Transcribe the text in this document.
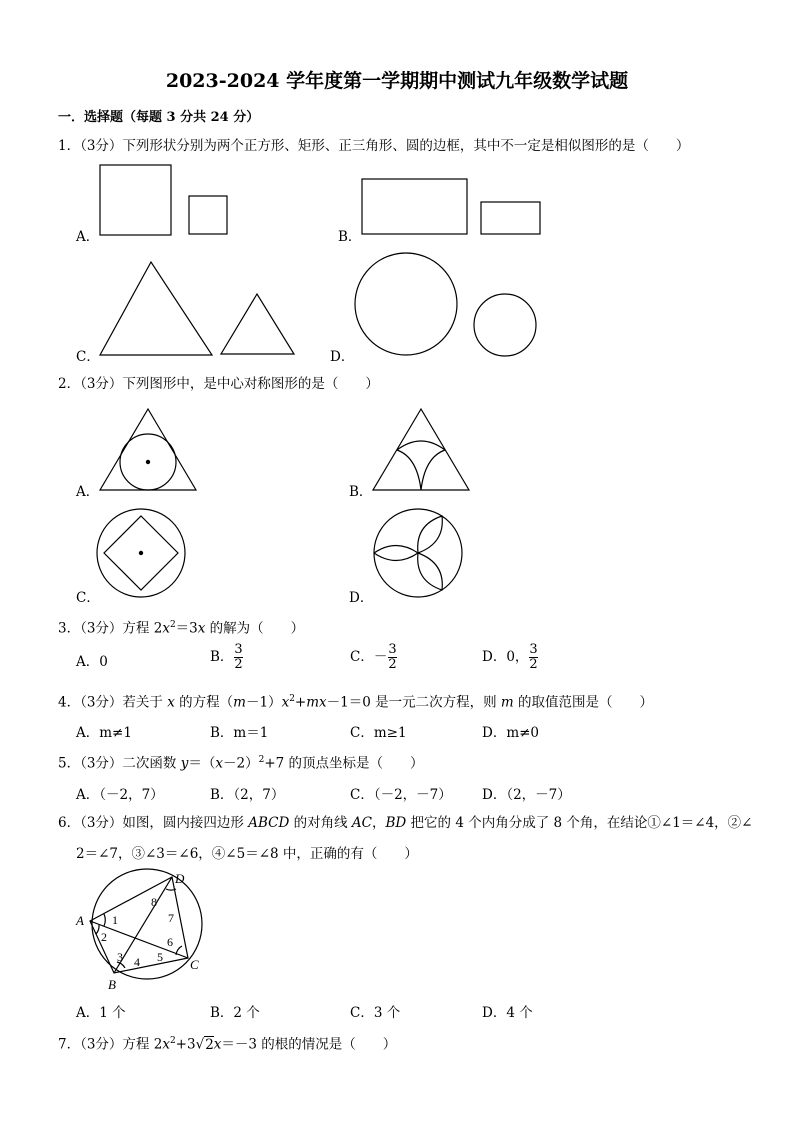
2023-2024 学年度第一学期期中测试九年级数学试题
一．选择题（每题 3 分共 24 分）
1．（3分）下列形状分别为两个正方形、矩形、正三角形、圆的边框，其中不一定是相似图形的是（　　）
A．	B．
C．	D．
2．（3分）下列图形中，是中心对称图形的是（　　）
A．	B．
C．	D．
3．（3分）方程 $2x^2=3x$ 的解为（　　）
A．0	B． $\frac{3}{2}$	C．－ $\frac{3}{2}$	D．0， $\frac{3}{2}$
4．（3分）若关于 x 的方程$(m-1)x^2+mx-1=0$ 是一元二次方程，则 m 的取值范围是（　　）
A．m≠1	B．m＝1	C．m≥1	D．m≠0
5．（3分）二次函数 $y=(x-2)^2+7$ 的顶点坐标是（　　）
A．（－2，7）	B．（2，7）	C．（－2，－7） D．（2，－7）
6．（3分）如图，圆内接四边形 ABCD 的对角线 AC，BD 把它的 4 个内角分成了 8 个角，在结论①∠1＝∠4，②∠
2＝∠7，③∠3＝∠6，④∠5＝∠8 中，正确的有（　　）
A
B
C
D
1
2
3 4 5
6
7
8
A．1 个	B．2 个	C．3 个	D．4 个
7．（3分）方程 $2x^2+3√2x=-3$ 的根的情况是（　　）
